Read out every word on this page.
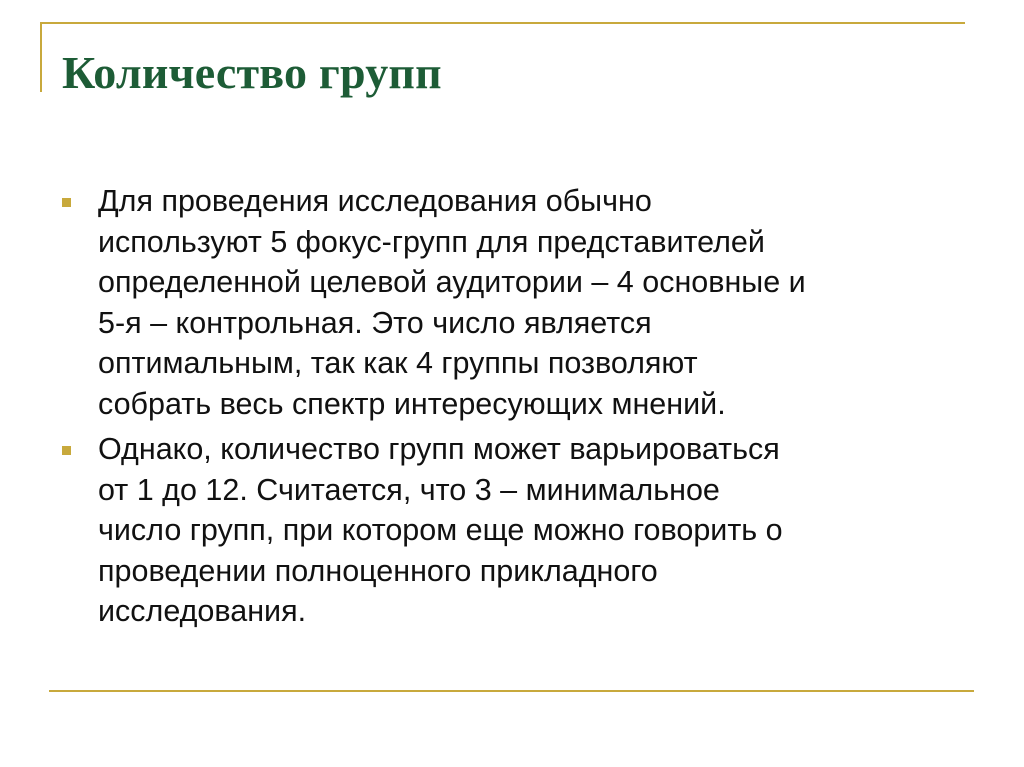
Количество групп
Для проведения исследования обычно
используют 5 фокус-групп для представителей
определенной целевой аудитории – 4 основные и
5-я – контрольная. Это число является
оптимальным, так как 4 группы позволяют
собрать весь спектр интересующих мнений.
Однако, количество групп может варьироваться
от 1 до 12. Считается, что 3 – минимальное
число групп, при котором еще можно говорить о
проведении полноценного прикладного
исследования.
